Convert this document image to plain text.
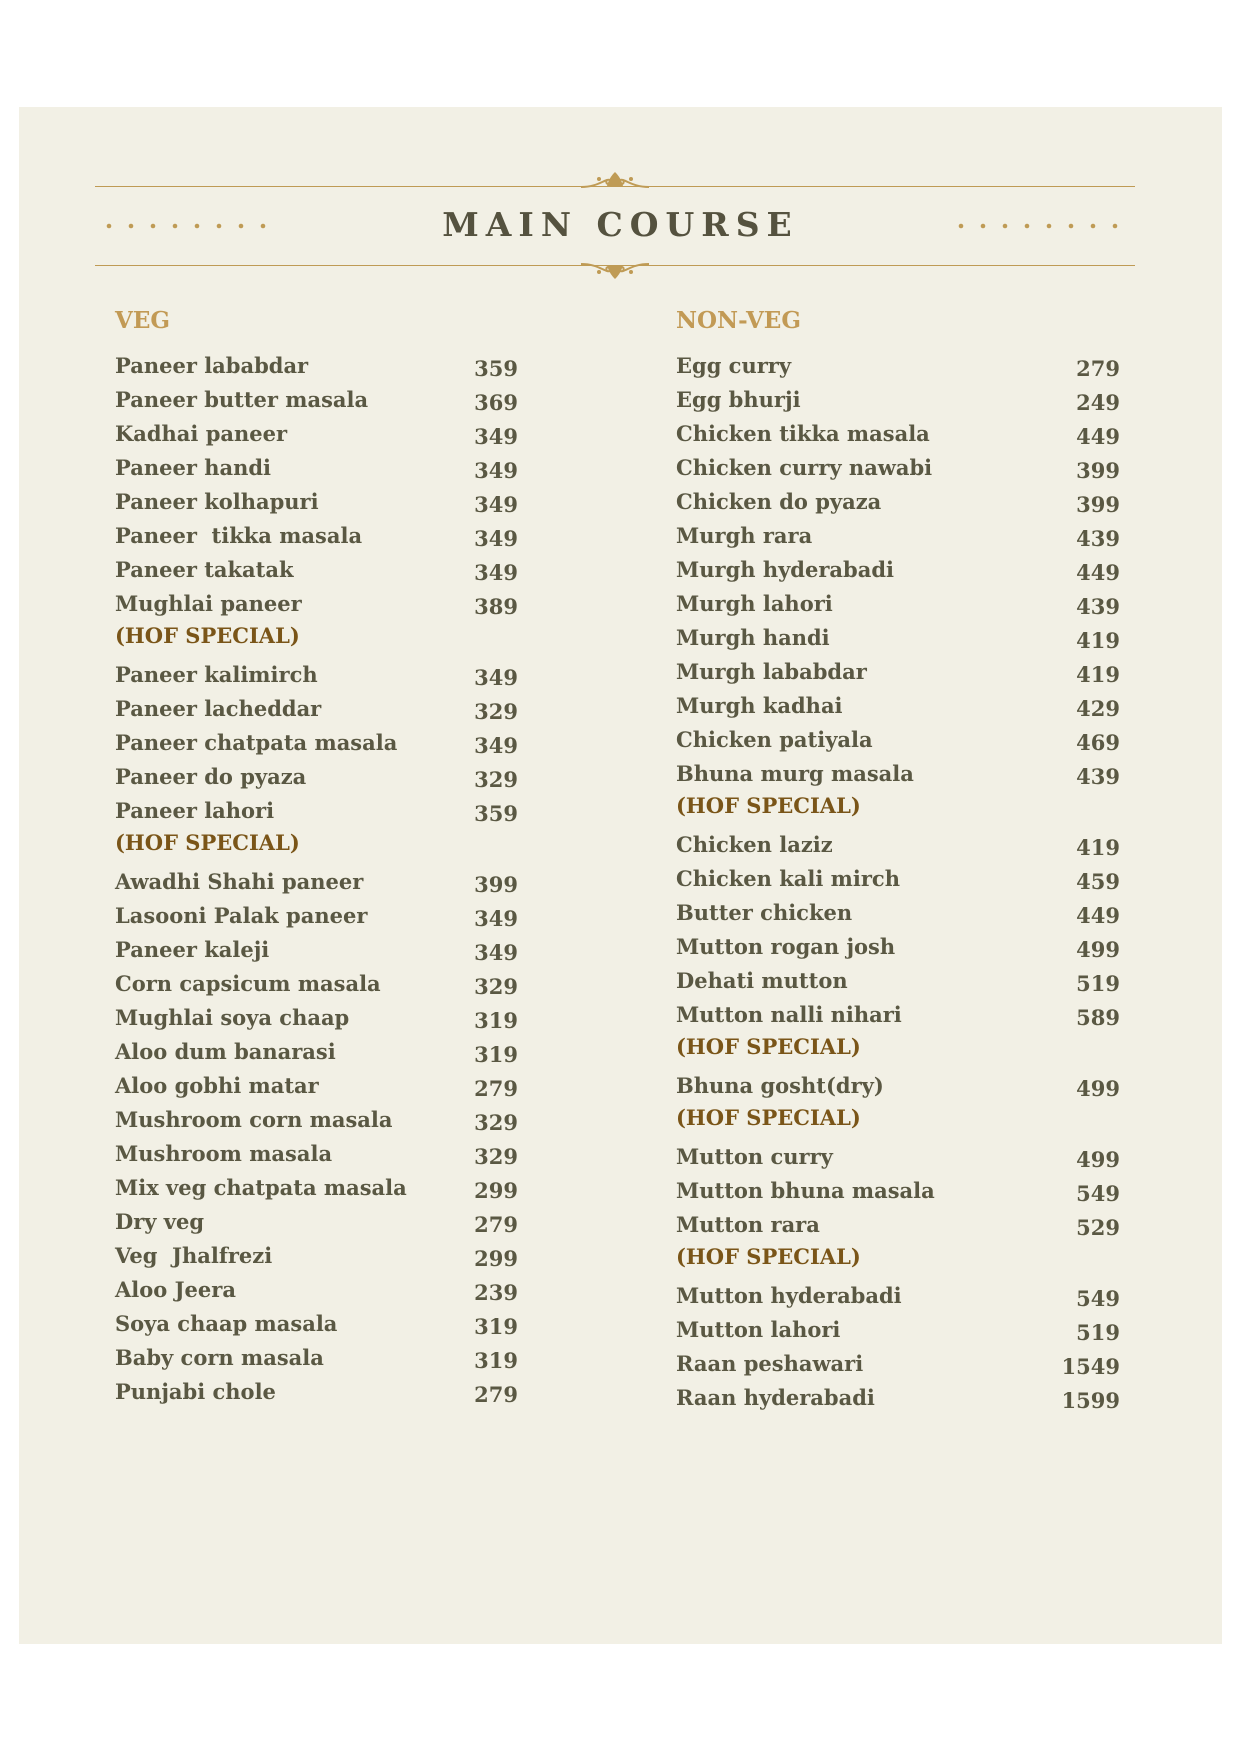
MAIN COURSE
VEG	NON-VEG
Paneer lababdar	359
Paneer butter masala	369
Kadhai paneer	349
Paneer handi	349
Paneer kolhapuri	349
Paneer  tikka masala	349
Paneer takatak	349
Mughlai paneer	389
(HOF SPECIAL)
Paneer kalimirch	349
Paneer lacheddar	329
Paneer chatpata masala	349
Paneer do pyaza	329
Paneer lahori	359
(HOF SPECIAL)
Awadhi Shahi paneer	399
Lasooni Palak paneer	349
Paneer kaleji	349
Corn capsicum masala	329
Mughlai soya chaap	319
Aloo dum banarasi	319
Aloo gobhi matar	279
Mushroom corn masala	329
Mushroom masala	329
Mix veg chatpata masala	299
Dry veg	279
Veg  Jhalfrezi	299
Aloo Jeera	239
Soya chaap masala	319
Baby corn masala	319
Punjabi chole	279
Egg curry	279
Egg bhurji	249
Chicken tikka masala	449
Chicken curry nawabi	399
Chicken do pyaza	399
Murgh rara	439
Murgh hyderabadi	449
Murgh lahori	439
Murgh handi	419
Murgh lababdar	419
Murgh kadhai	429
Chicken patiyala	469
Bhuna murg masala	439
(HOF SPECIAL)
Chicken laziz	419
Chicken kali mirch	459
Butter chicken	449
Mutton rogan josh	499
Dehati mutton	519
Mutton nalli nihari	589
(HOF SPECIAL)
Bhuna gosht(dry)	499
(HOF SPECIAL)
Mutton curry	499
Mutton bhuna masala	549
Mutton rara	529
(HOF SPECIAL)
Mutton hyderabadi	549
Mutton lahori	519
Raan peshawari	1549
Raan hyderabadi	1599
